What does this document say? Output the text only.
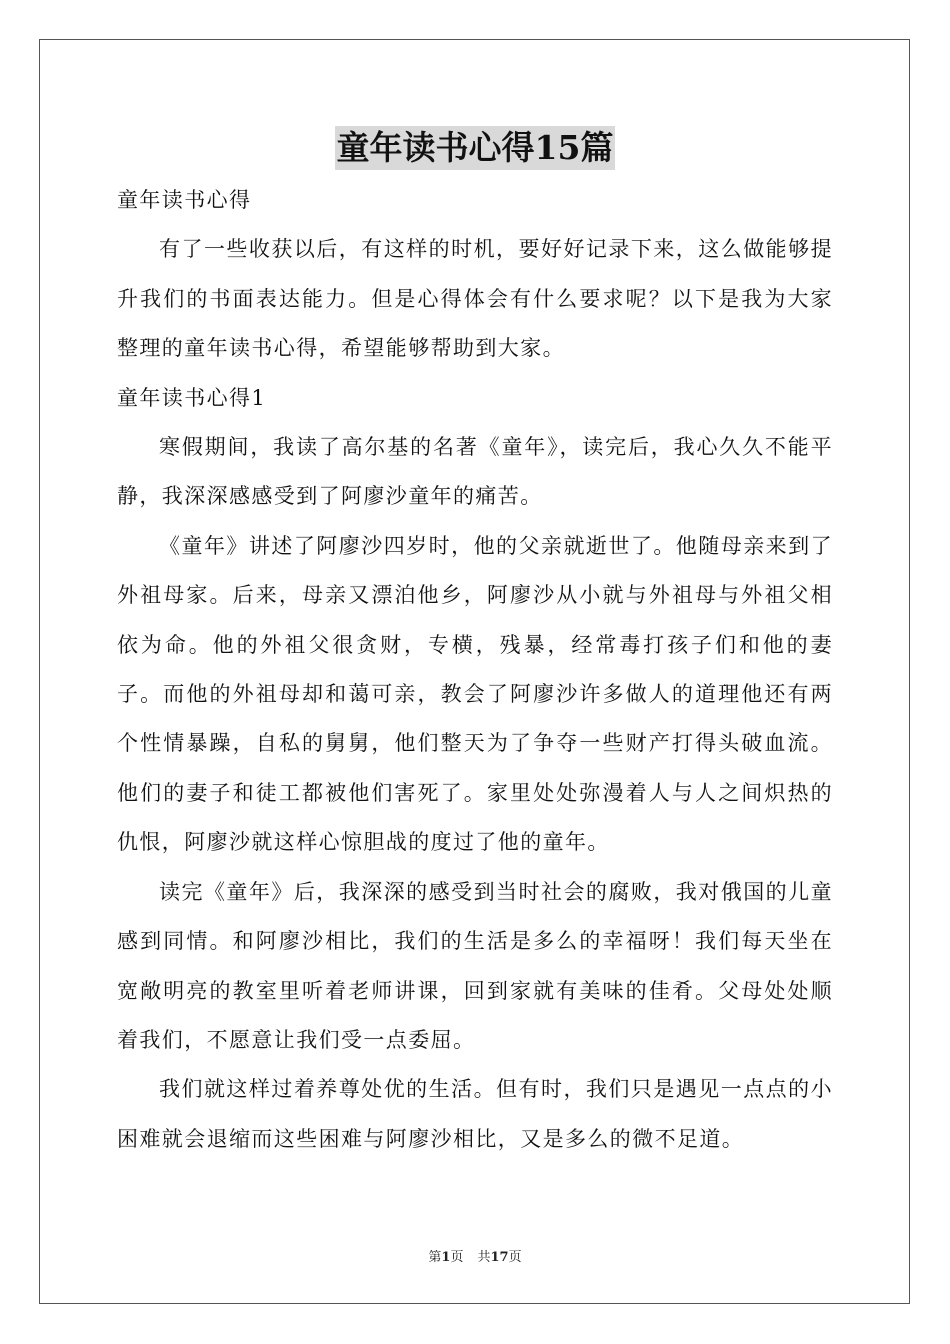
童年读书心得15篇

童年读书心得

有了一些收获以后，有这样的时机，要好好记录下来，这么做能够提升我们的书面表达能力。但是心得体会有什么要求呢？以下是我为大家整理的童年读书心得，希望能够帮助到大家。

童年读书心得1

寒假期间，我读了高尔基的名著《童年》，读完后，我心久久不能平静，我深深感感受到了阿廖沙童年的痛苦。

《童年》讲述了阿廖沙四岁时，他的父亲就逝世了。他随母亲来到了外祖母家。后来，母亲又漂泊他乡，阿廖沙从小就与外祖母与外祖父相依为命。他的外祖父很贪财，专横，残暴，经常毒打孩子们和他的妻子。而他的外祖母却和蔼可亲，教会了阿廖沙许多做人的道理他还有两个性情暴躁，自私的舅舅，他们整天为了争夺一些财产打得头破血流。他们的妻子和徒工都被他们害死了。家里处处弥漫着人与人之间炽热的仇恨，阿廖沙就这样心惊胆战的度过了他的童年。

读完《童年》后，我深深的感受到当时社会的腐败，我对俄国的儿童感到同情。和阿廖沙相比，我们的生活是多么的幸福呀！我们每天坐在宽敞明亮的教室里听着老师讲课，回到家就有美味的佳肴。父母处处顺着我们，不愿意让我们受一点委屈。

我们就这样过着养尊处优的生活。但有时，我们只是遇见一点点的小困难就会退缩而这些困难与阿廖沙相比，又是多么的微不足道。

第1页 共17页
